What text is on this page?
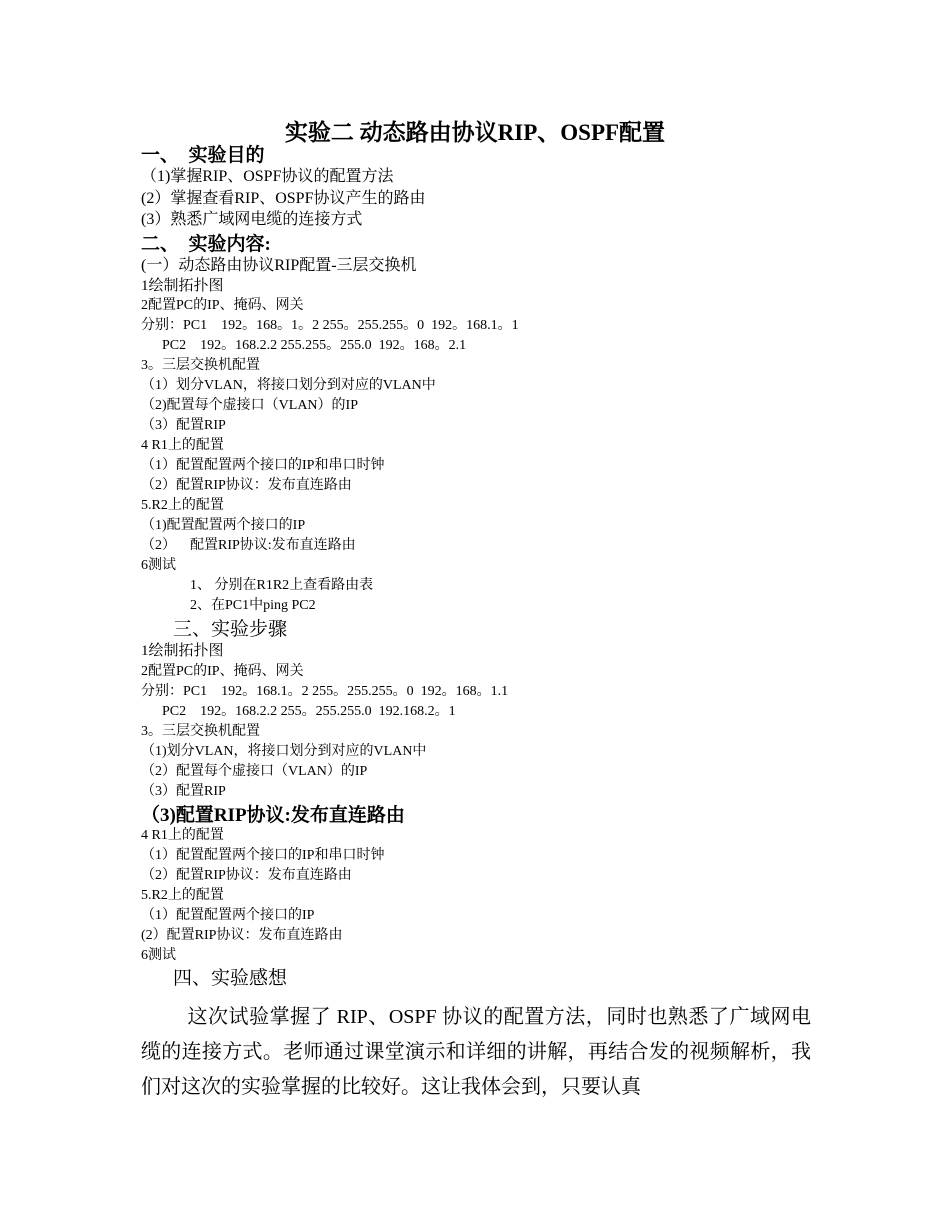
实验二 动态路由协议RIP、OSPF配置
一、  实验目的
（1)掌握RIP、OSPF协议的配置方法
(2）掌握查看RIP、OSPF协议产生的路由
(3）熟悉广域网电缆的连接方式
二、  实验内容:
(一）动态路由协议RIP配置-三层交换机
1绘制拓扑图
2配置PC的IP、掩码、网关
分别：PC1    192。168。1。2 255。255.255。0  192。168.1。1
PC2    192。168.2.2 255.255。255.0  192。168。2.1
3。三层交换机配置
（1）划分VLAN，将接口划分到对应的VLAN中
（2)配置每个虚接口（VLAN）的IP
（3）配置RIP
4 R1上的配置
（1）配置配置两个接口的IP和串口时钟
（2）配置RIP协议：发布直连路由
5.R2上的配置
（1)配置配置两个接口的IP
（2）    配置RIP协议:发布直连路由
6测试
1、 分别在R1R2上查看路由表
2、在PC1中ping PC2
三、实验步骤
1绘制拓扑图
2配置PC的IP、掩码、网关
分别：PC1    192。168.1。2 255。255.255。0  192。168。1.1
PC2    192。168.2.2 255。255.255.0  192.168.2。1
3。三层交换机配置
（1)划分VLAN，将接口划分到对应的VLAN中
（2）配置每个虚接口（VLAN）的IP
（3）配置RIP
（3)配置RIP协议:发布直连路由
4 R1上的配置
（1）配置配置两个接口的IP和串口时钟
（2）配置RIP协议：发布直连路由
5.R2上的配置
（1）配置配置两个接口的IP
(2）配置RIP协议：发布直连路由
6测试
四、实验感想
这次试验掌握了 RIP、OSPF 协议的配置方法，同时也熟悉了广域网电缆的连接方式。老师通过课堂演示和详细的讲解，再结合发的视频解析，我们对这次的实验掌握的比较好。这让我体会到，只要认真
